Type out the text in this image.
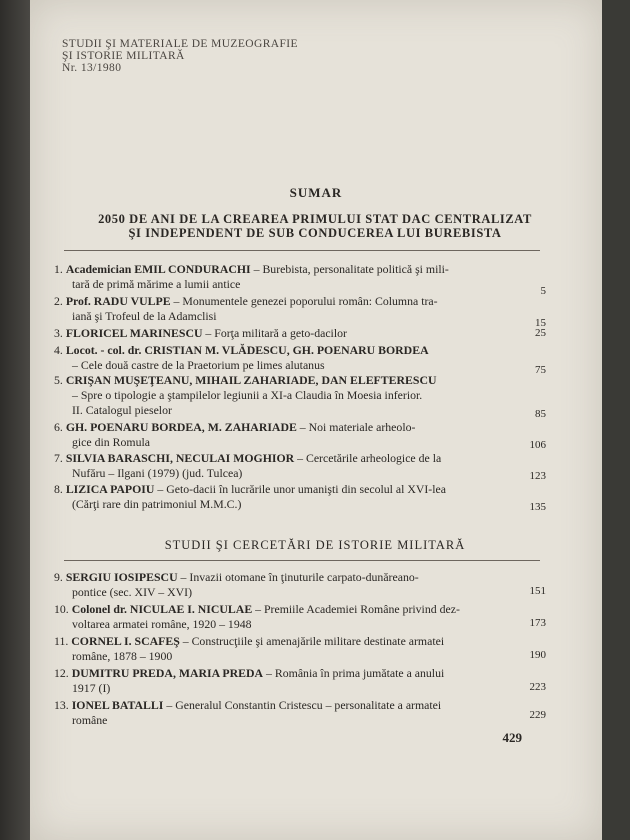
STUDII ŞI MATERIALE DE MUZEOGRAFIE
ŞI ISTORIE MILITARĂ
Nr. 13/1980
SUMAR
2050 DE ANI DE LA CREAREA PRIMULUI STAT DAC CENTRALIZAT
ŞI INDEPENDENT DE SUB CONDUCEREA LUI BUREBISTA
1. Academician EMIL CONDURACHI – Burebista, personalitate politică şi mili-
tară de primă mărime a lumii antice	5
2. Prof. RADU VULPE – Monumentele genezei poporului român: Columna tra-
iană şi Trofeul de la Adamclisi	15
3. FLORICEL MARINESCU – Forţa militară a geto-dacilor	25
4. Locot. - col. dr. CRISTIAN M. VLĂDESCU, GH. POENARU BORDEA
– Cele două castre de la Praetorium pe limes alutanus	75
5. CRIŞAN MUŞEŢEANU, MIHAIL ZAHARIADE, DAN ELEFTERESCU
– Spre o tipologie a ştampilelor legiunii a XI-a Claudia în Moesia inferior.
II. Catalogul pieselor	85
6. GH. POENARU BORDEA, M. ZAHARIADE – Noi materiale arheolo-
gice din Romula	106
7. SILVIA BARASCHI, NECULAI MOGHIOR – Cercetările arheologice de la
Nufăru – Ilgani (1979) (jud. Tulcea)	123
8. LIZICA PAPOIU – Geto-dacii în lucrările unor umanişti din secolul al XVI-lea
(Cărţi rare din patrimoniul M.M.C.)	135
STUDII ŞI CERCETĂRI DE ISTORIE MILITARĂ
9. SERGIU IOSIPESCU – Invazii otomane în ţinuturile carpato-dunăreano-
pontice (sec. XIV – XVI)	151
10. Colonel dr. NICULAE I. NICULAE – Premiile Academiei Române privind dez-
voltarea armatei române, 1920 – 1948	173
11. CORNEL I. SCAFEŞ – Construcţiile şi amenajările militare destinate armatei
române, 1878 – 1900	190
12. DUMITRU PREDA, MARIA PREDA – România în prima jumătate a anului
1917 (I)	223
13. IONEL BATALLI – Generalul Constantin Cristescu – personalitate a armatei
române	229
429
